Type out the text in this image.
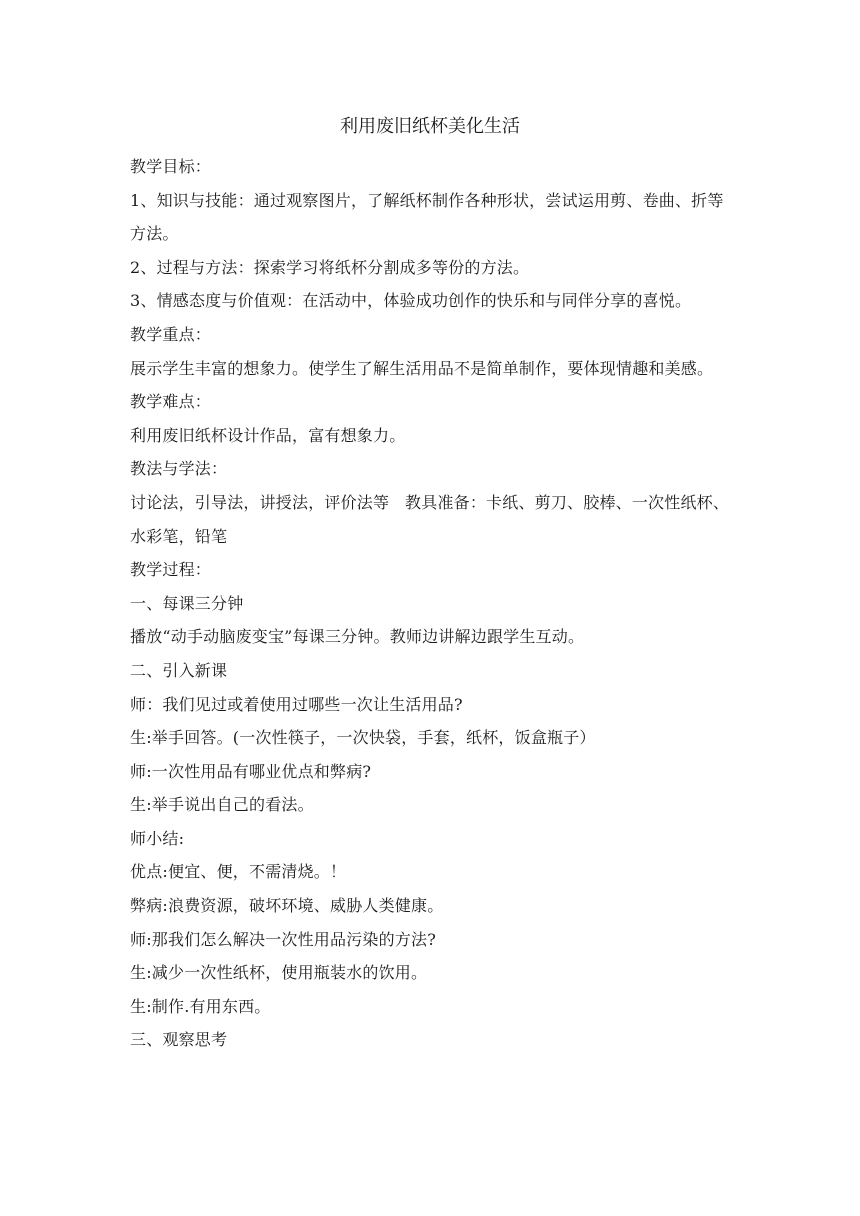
利用废旧纸杯美化生活

教学目标：

1、知识与技能：通过观察图片，了解纸杯制作各种形状，尝试运用剪、卷曲、折等方法。

2、过程与方法：探索学习将纸杯分割成多等份的方法。

3、情感态度与价值观：在活动中，体验成功创作的快乐和与同伴分享的喜悦。

教学重点：

展示学生丰富的想象力。使学生了解生活用品不是简单制作，要体现情趣和美感。

教学难点：

利用废旧纸杯设计作品，富有想象力。

教法与学法：

讨论法，引导法，讲授法，评价法等   教具准备：卡纸、剪刀、胶棒、一次性纸杯、水彩笔，铅笔

教学过程：

一、每课三分钟

播放“动手动脑废变宝”每课三分钟。教师边讲解边跟学生互动。

二、引入新课

师：我们见过或着使用过哪些一次让生活用品?

生:举手回答。(一次性筷子，一次快袋，手套，纸杯，饭盒瓶子）

师:一次性用品有哪业优点和弊病?

生:举手说出自己的看法。

师小结:

优点:便宜、便，不需清烧。！

弊病:浪费资源，破坏环境、威胁人类健康。

师:那我们怎么解决一次性用品污染的方法?

生:减少一次性纸杯，使用瓶装水的饮用。

生:制作.有用东西。

三、观察思考
